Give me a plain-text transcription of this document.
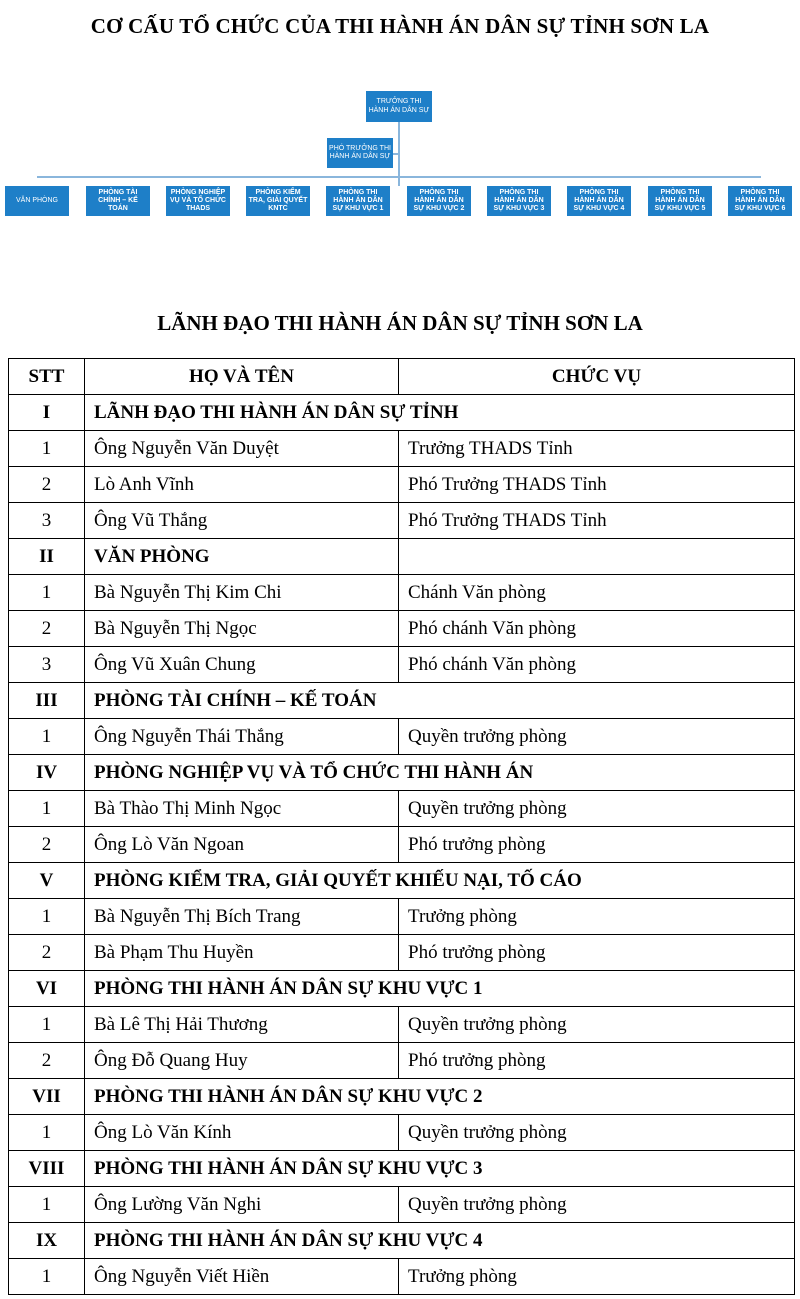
CƠ CẤU TỔ CHỨC CỦA THI HÀNH ÁN DÂN SỰ TỈNH SƠN LA
TRƯỞNG THI HÀNH ÁN DÂN SỰ
PHÓ TRƯỞNG THI HÀNH ÁN DÂN SỰ
VĂN PHÒNG
PHÒNG TÀI CHÍNH – KẾ TOÁN
PHÒNG NGHIỆP VỤ VÀ TỔ CHỨC THADS
PHÒNG KIỂM TRA, GIẢI QUYẾT KNTC
PHÒNG THI HÀNH ÁN DÂN SỰ KHU VỰC 1
PHÒNG THI HÀNH ÁN DÂN SỰ KHU VỰC 2
PHÒNG THI HÀNH ÁN DÂN SỰ KHU VỰC 3
PHÒNG THI HÀNH ÁN DÂN SỰ KHU VỰC 4
PHÒNG THI HÀNH ÁN DÂN SỰ KHU VỰC 5
PHÒNG THI HÀNH ÁN DÂN SỰ KHU VỰC 6
LÃNH ĐẠO THI HÀNH ÁN DÂN SỰ TỈNH SƠN LA
STT	HỌ VÀ TÊN	CHỨC VỤ
I	LÃNH ĐẠO THI HÀNH ÁN DÂN SỰ TỈNH	
1	Ông Nguyễn Văn Duyệt	Trưởng THADS Tỉnh
2	Lò Anh Vĩnh	Phó Trưởng THADS Tỉnh
3	Ông Vũ Thắng	Phó Trưởng THADS Tỉnh
II	VĂN PHÒNG	
1	Bà Nguyễn Thị Kim Chi	Chánh Văn phòng
2	Bà Nguyễn Thị Ngọc	Phó chánh Văn phòng
3	Ông Vũ Xuân Chung	Phó chánh Văn phòng
III	PHÒNG TÀI CHÍNH – KẾ TOÁN	
1	Ông Nguyễn Thái Thắng	Quyền trưởng phòng
IV	PHÒNG NGHIỆP VỤ VÀ TỔ CHỨC THI HÀNH ÁN	
1	Bà Thào Thị Minh Ngọc	Quyền trưởng phòng
2	Ông Lò Văn Ngoan	Phó trưởng phòng
V	PHÒNG KIỂM TRA, GIẢI QUYẾT KHIẾU NẠI, TỐ CÁO	
1	Bà Nguyễn Thị Bích Trang	Trưởng phòng
2	Bà Phạm Thu Huyền	Phó trưởng phòng
VI	PHÒNG THI HÀNH ÁN DÂN SỰ KHU VỰC 1	
1	Bà Lê Thị Hải Thương	Quyền trưởng phòng
2	Ông Đỗ Quang Huy	Phó trưởng phòng
VII	PHÒNG THI HÀNH ÁN DÂN SỰ KHU VỰC 2	
1	Ông Lò Văn Kính	Quyền trưởng phòng
VIII	PHÒNG THI HÀNH ÁN DÂN SỰ KHU VỰC 3	
1	Ông Lường Văn Nghi	Quyền trưởng phòng
IX	PHÒNG THI HÀNH ÁN DÂN SỰ KHU VỰC 4	
1	Ông Nguyễn Viết Hiền	Trưởng phòng
